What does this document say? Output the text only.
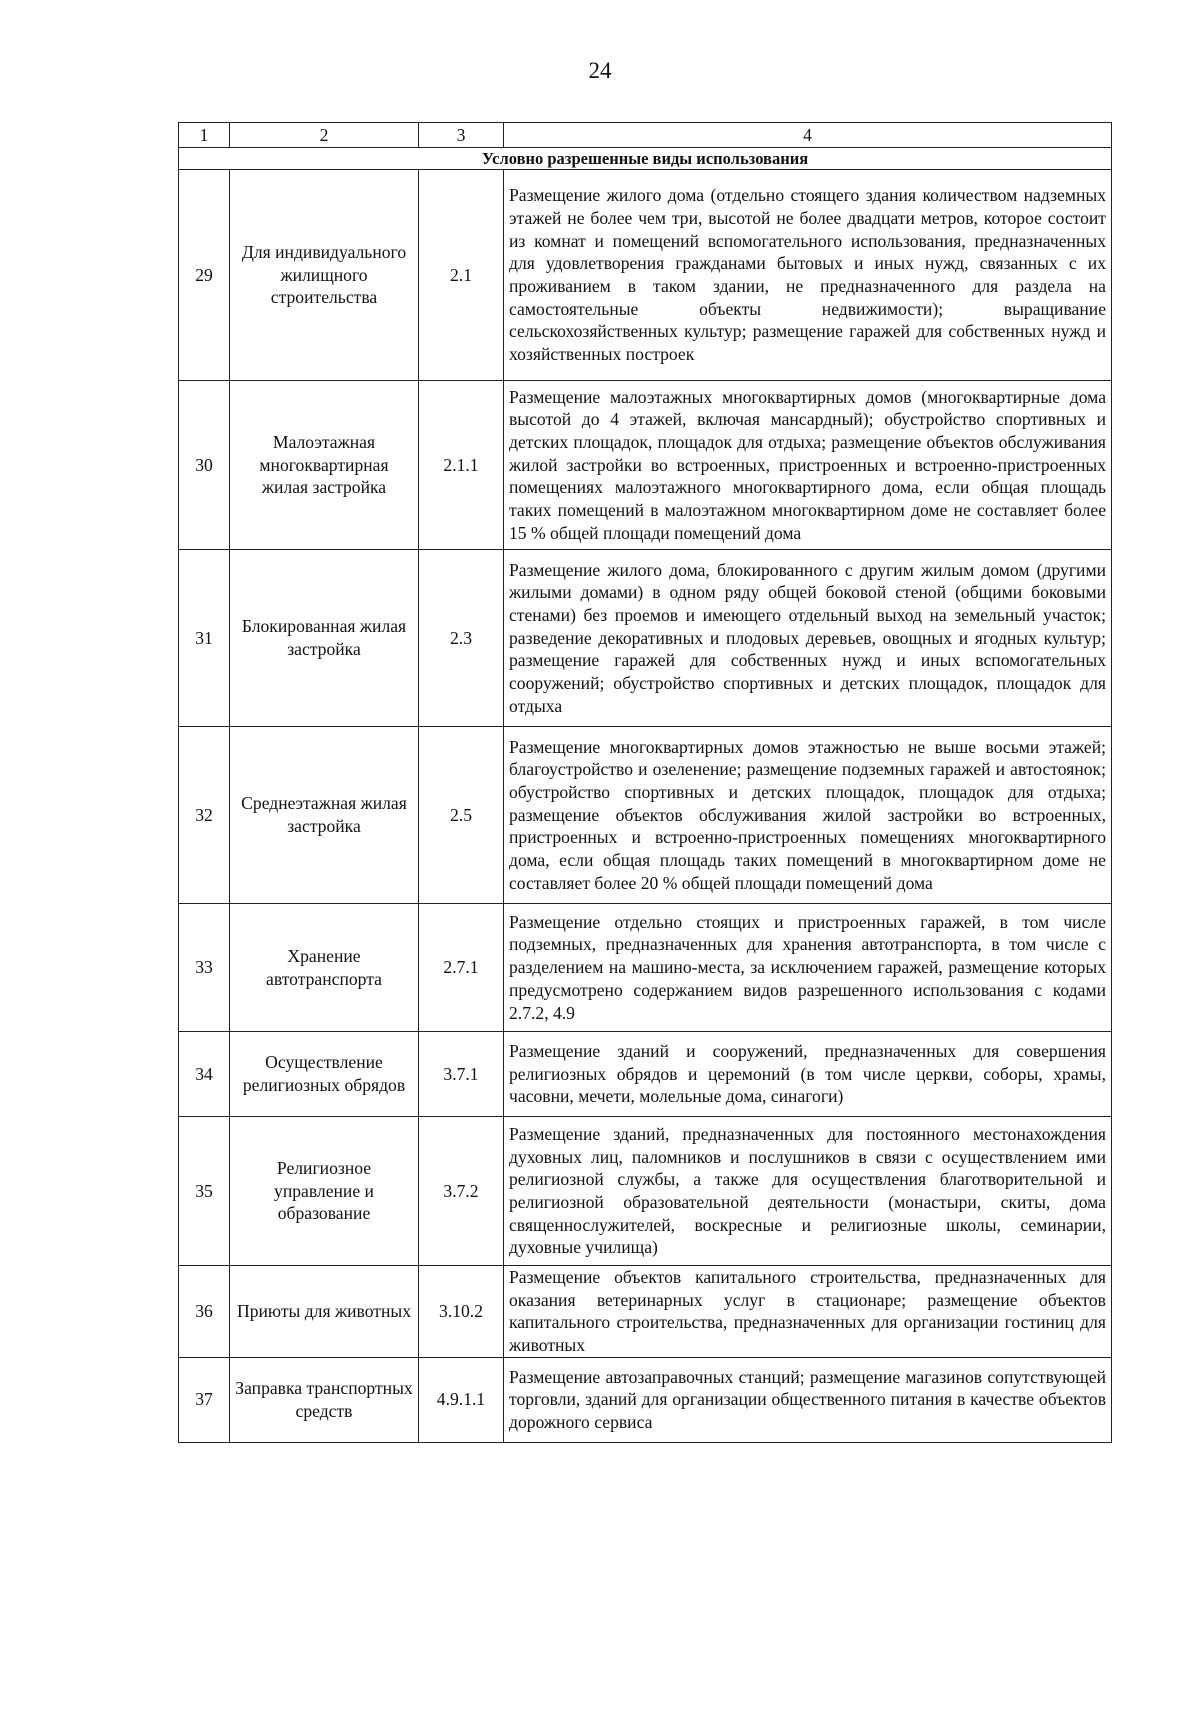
24
1	2	3	4
Условно разрешенные виды использования			
29	Для индивидуального жилищного строительства	2.1	Размещение жилого дома (отдельно стоящего здания количеством надземных этажей не более чем три, высотой не более двадцати метров, которое состоит из комнат и помещений вспомогательного использования, предназначенных для удовлетворения гражданами бытовых и иных нужд, связанных с их проживанием в таком здании, не предназначенного для раздела на самостоятельные объекты недвижимости); выращивание сельскохозяйственных культур; размещение гаражей для собственных нужд и хозяйственных построек
30	Малоэтажная многоквартирная жилая застройка	2.1.1	Размещение малоэтажных многоквартирных домов (многоквартирные дома высотой до 4 этажей, включая мансардный); обустройство спортивных и детских площадок, площадок для отдыха; размещение объектов обслуживания жилой застройки во встроенных, пристроенных и встроенно-пристроенных помещениях малоэтажного многоквартирного дома, если общая площадь таких помещений в малоэтажном многоквартирном доме не составляет более 15 % общей площади помещений дома
31	Блокированная жилая застройка	2.3	Размещение жилого дома, блокированного с другим жилым домом (другими жилыми домами) в одном ряду общей боковой стеной (общими боковыми стенами) без проемов и имеющего отдельный выход на земельный участок; разведение декоративных и плодовых деревьев, овощных и ягодных культур; размещение гаражей для собственных нужд и иных вспомогательных сооружений; обустройство спортивных и детских площадок, площадок для отдыха
32	Среднеэтажная жилая застройка	2.5	Размещение многоквартирных домов этажностью не выше восьми этажей; благоустройство и озеленение; размещение подземных гаражей и автостоянок; обустройство спортивных и детских площадок, площадок для отдыха; размещение объектов обслуживания жилой застройки во встроенных, пристроенных и встроенно-пристроенных помещениях многоквартирного дома, если общая площадь таких помещений в многоквартирном доме не составляет более 20 % общей площади помещений дома
33	Хранение автотранспорта	2.7.1	Размещение отдельно стоящих и пристроенных гаражей, в том числе подземных, предназначенных для хранения автотранспорта, в том числе с разделением на машино-места, за исключением гаражей, размещение которых предусмотрено содержанием видов разрешенного использования с кодами 2.7.2, 4.9
34	Осуществление религиозных обрядов	3.7.1	Размещение зданий и сооружений, предназначенных для совершения религиозных обрядов и церемоний (в том числе церкви, соборы, храмы, часовни, мечети, молельные дома, синагоги)
35	Религиозное управление и образование	3.7.2	Размещение зданий, предназначенных для постоянного местонахождения духовных лиц, паломников и послушников в связи с осуществлением ими религиозной службы, а также для осуществления благотворительной и религиозной образовательной деятельности (монастыри, скиты, дома священнослужителей, воскресные и религиозные школы, семинарии, духовные училища)
36	Приюты для животных	3.10.2	Размещение объектов капитального строительства, предназначенных для оказания ветеринарных услуг в стационаре; размещение объектов капитального строительства, предназначенных для организации гостиниц для животных
37	Заправка транспортных средств	4.9.1.1	Размещение автозаправочных станций; размещение магазинов сопутствующей торговли, зданий для организации общественного питания в качестве объектов дорожного сервиса
